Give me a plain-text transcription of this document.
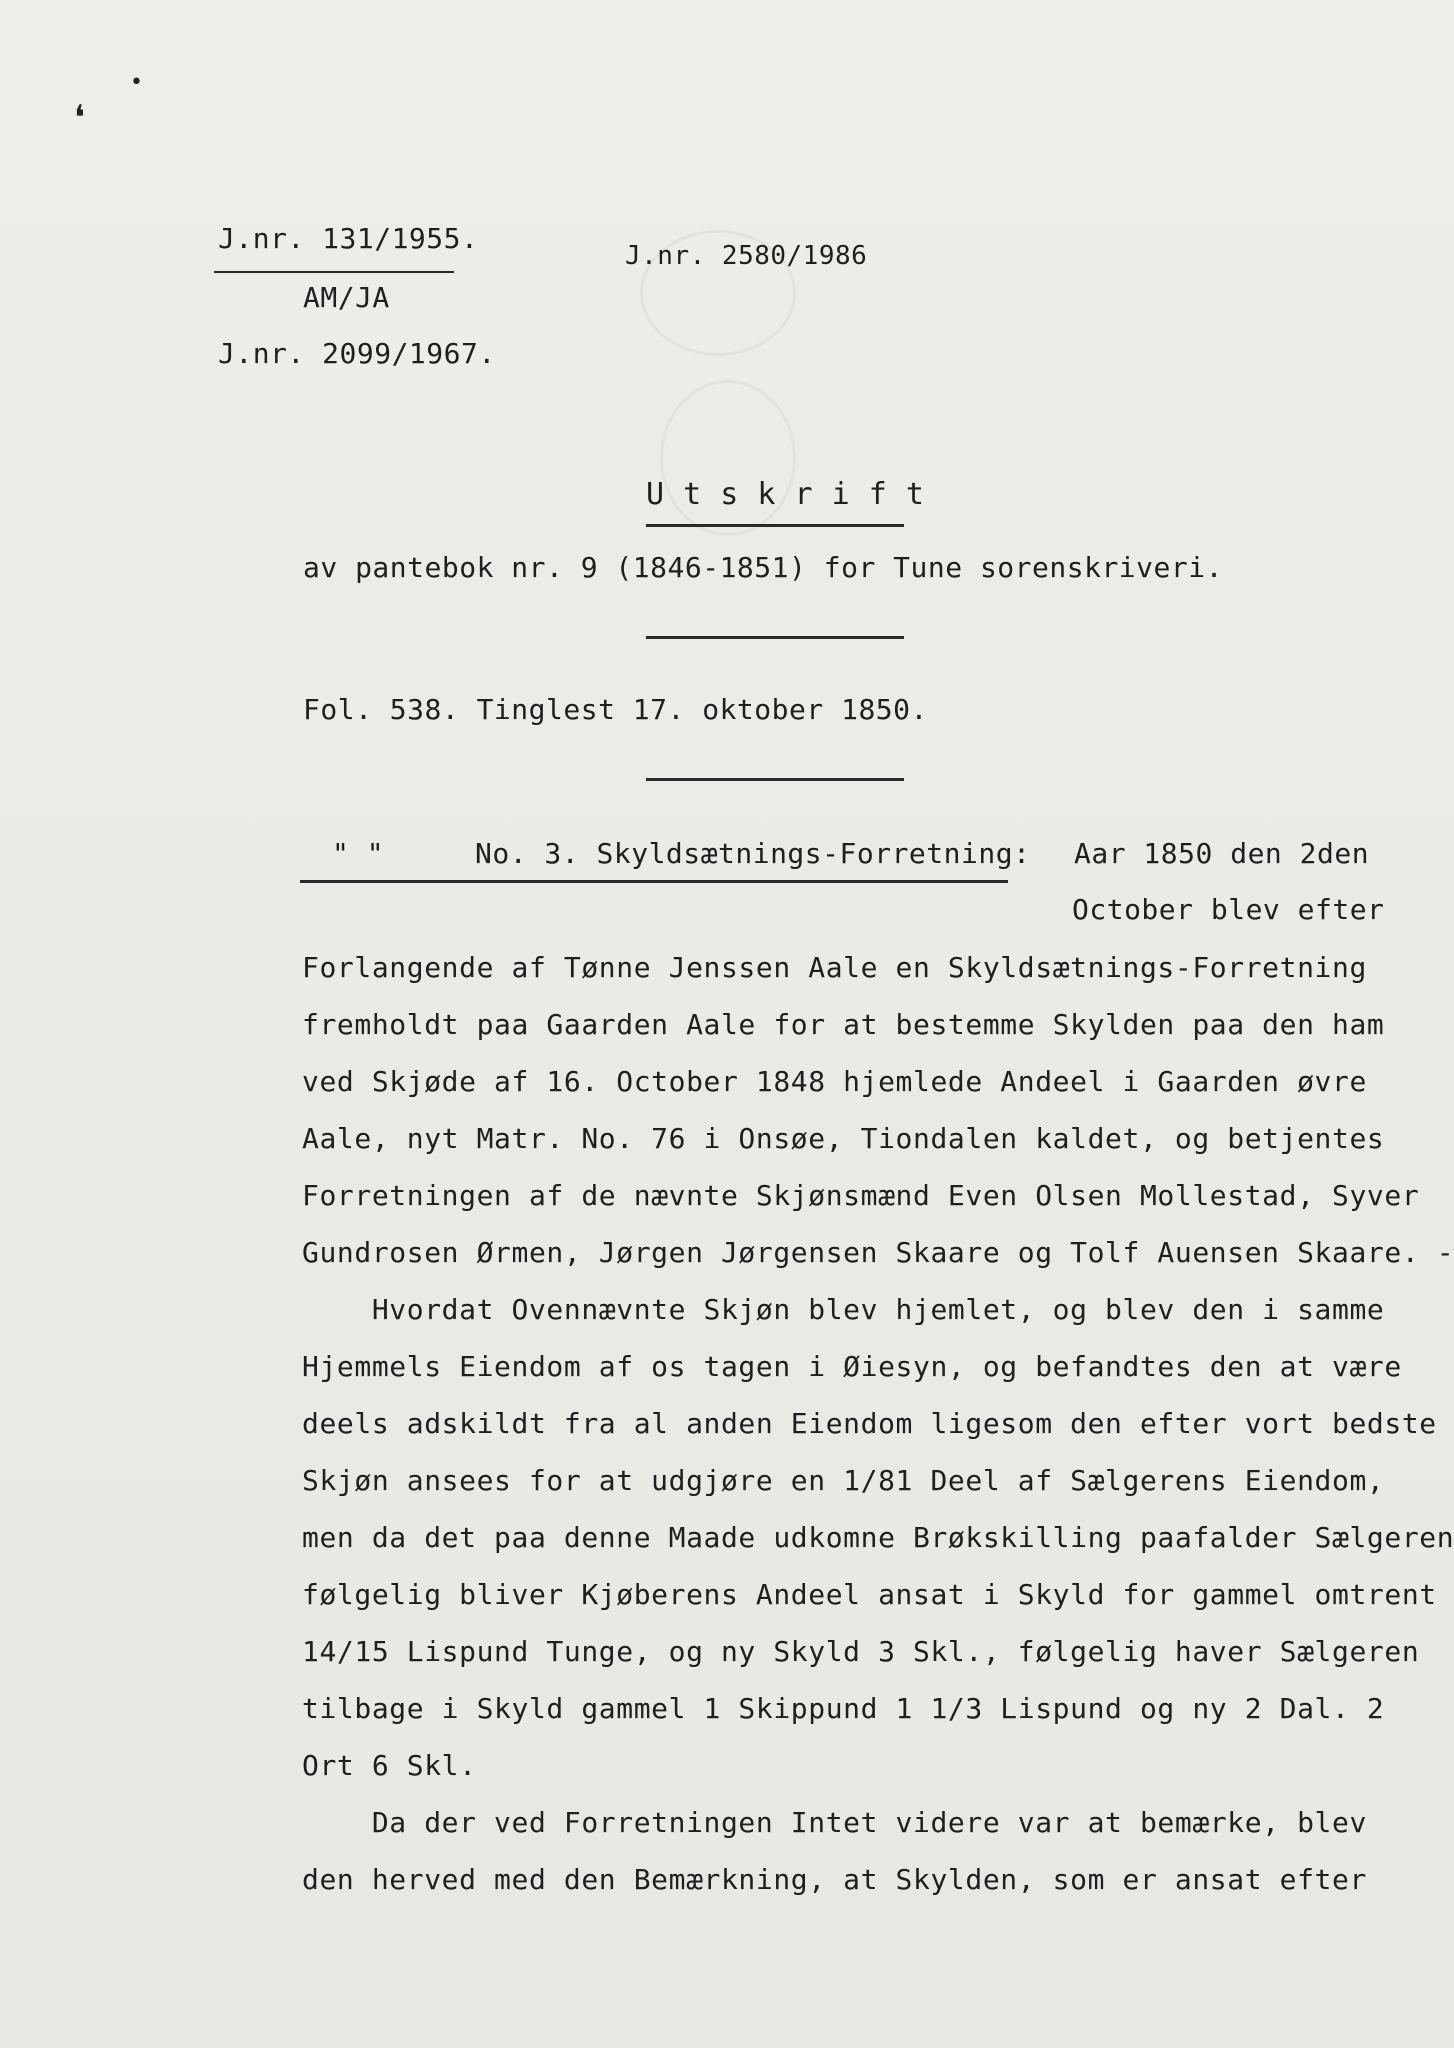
❛
•
J.nr. 131/1955.
AM/JA
J.nr. 2099/1967.
J.nr. 2580/1986
U t s k r i f t
av pantebok nr. 9 (1846-1851) for Tune sorenskriveri.
Fol. 538. Tinglest 17. oktober 1850.
" "	No. 3. Skyldsætnings-Forretning: Aar 1850 den 2den
October blev efter
Forlangende af Tønne Jenssen Aale en Skyldsætnings-Forretning
fremholdt paa Gaarden Aale for at bestemme Skylden paa den ham
ved Skjøde af 16. October 1848 hjemlede Andeel i Gaarden øvre
Aale, nyt Matr. No. 76 i Onsøe, Tiondalen kaldet, og betjentes
Forretningen af de nævnte Skjønsmænd Even Olsen Mollestad, Syver
Gundrosen Ørmen, Jørgen Jørgensen Skaare og Tolf Auensen Skaare. -
Hvordat Ovennævnte Skjøn blev hjemlet, og blev den i samme
Hjemmels Eiendom af os tagen i Øiesyn, og befandtes den at være
deels adskildt fra al anden Eiendom ligesom den efter vort bedste
Skjøn ansees for at udgjøre en 1/81 Deel af Sælgerens Eiendom,
men da det paa denne Maade udkomne Brøkskilling paafalder Sælgeren
følgelig bliver Kjøberens Andeel ansat i Skyld for gammel omtrent
14/15 Lispund Tunge, og ny Skyld 3 Skl., følgelig haver Sælgeren
tilbage i Skyld gammel 1 Skippund 1 1/3 Lispund og ny 2 Dal. 2
Ort 6 Skl.
Da der ved Forretningen Intet videre var at bemærke, blev
den herved med den Bemærkning, at Skylden, som er ansat efter
